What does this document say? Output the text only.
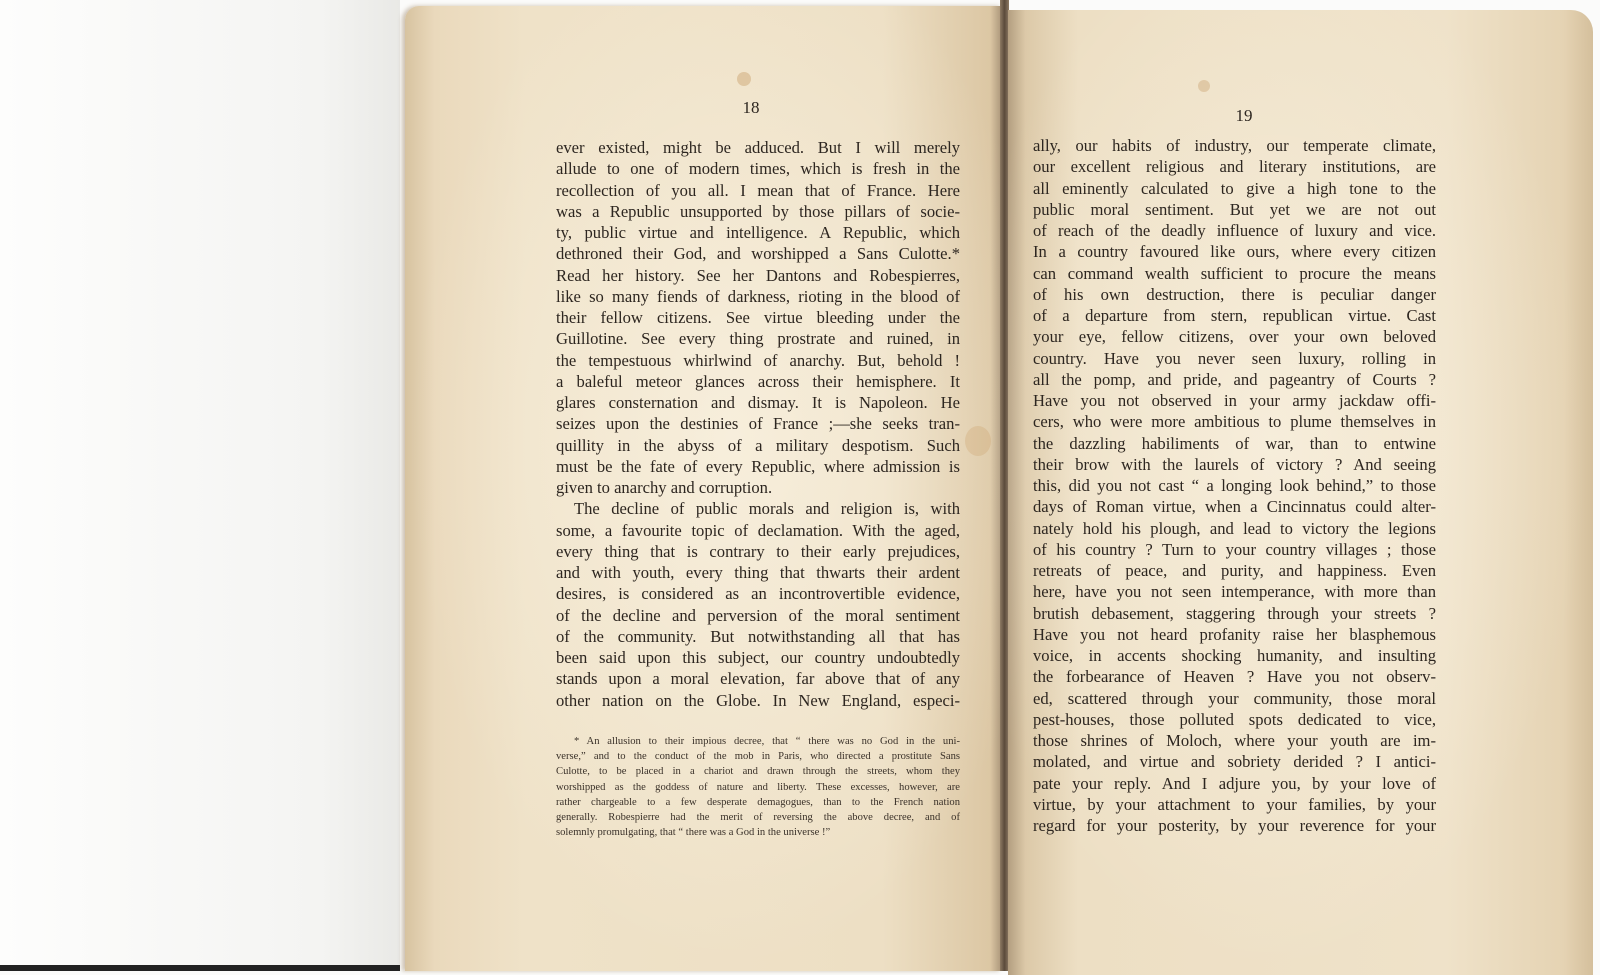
18
ever existed, might be adduced. But I will merely
allude to one of modern times, which is fresh in the
recollection of you all. I mean that of France. Here
was a Republic unsupported by those pillars of socie-
ty, public virtue and intelligence. A Republic, which
dethroned their God, and worshipped a Sans Culotte.*
Read her history. See her Dantons and Robespierres,
like so many fiends of darkness, rioting in the blood of
their fellow citizens. See virtue bleeding under the
Guillotine. See every thing prostrate and ruined, in
the tempestuous whirlwind of anarchy. But, behold !
a baleful meteor glances across their hemisphere. It
glares consternation and dismay. It is Napoleon. He
seizes upon the destinies of France ;—she seeks tran-
quillity in the abyss of a military despotism. Such
must be the fate of every Republic, where admission is
given to anarchy and corruption.
The decline of public morals and religion is, with
some, a favourite topic of declamation. With the aged,
every thing that is contrary to their early prejudices,
and with youth, every thing that thwarts their ardent
desires, is considered as an incontrovertible evidence,
of the decline and perversion of the moral sentiment
of the community. But notwithstanding all that has
been said upon this subject, our country undoubtedly
stands upon a moral elevation, far above that of any
other nation on the Globe. In New England, especi-
* An allusion to their impious decree, that “ there was no God in the uni-
verse,” and to the conduct of the mob in Paris, who directed a prostitute Sans
Culotte, to be placed in a chariot and drawn through the streets, whom they
worshipped as the goddess of nature and liberty. These excesses, however, are
rather chargeable to a few desperate demagogues, than to the French nation
generally. Robespierre had the merit of reversing the above decree, and of
solemnly promulgating, that “ there was a God in the universe !”
19
ally, our habits of industry, our temperate climate,
our excellent religious and literary institutions, are
all eminently calculated to give a high tone to the
public moral sentiment. But yet we are not out
of reach of the deadly influence of luxury and vice.
In a country favoured like ours, where every citizen
can command wealth sufficient to procure the means
of his own destruction, there is peculiar danger
of a departure from stern, republican virtue. Cast
your eye, fellow citizens, over your own beloved
country. Have you never seen luxury, rolling in
all the pomp, and pride, and pageantry of Courts ?
Have you not observed in your army jackdaw offi-
cers, who were more ambitious to plume themselves in
the dazzling habiliments of war, than to entwine
their brow with the laurels of victory ? And seeing
this, did you not cast “ a longing look behind,” to those
days of Roman virtue, when a Cincinnatus could alter-
nately hold his plough, and lead to victory the legions
of his country ? Turn to your country villages ; those
retreats of peace, and purity, and happiness. Even
here, have you not seen intemperance, with more than
brutish debasement, staggering through your streets ?
Have you not heard profanity raise her blasphemous
voice, in accents shocking humanity, and insulting
the forbearance of Heaven ? Have you not observ-
ed, scattered through your community, those moral
pest-houses, those polluted spots dedicated to vice,
those shrines of Moloch, where your youth are im-
molated, and virtue and sobriety derided ? I antici-
pate your reply. And I adjure you, by your love of
virtue, by your attachment to your families, by your
regard for your posterity, by your reverence for your
